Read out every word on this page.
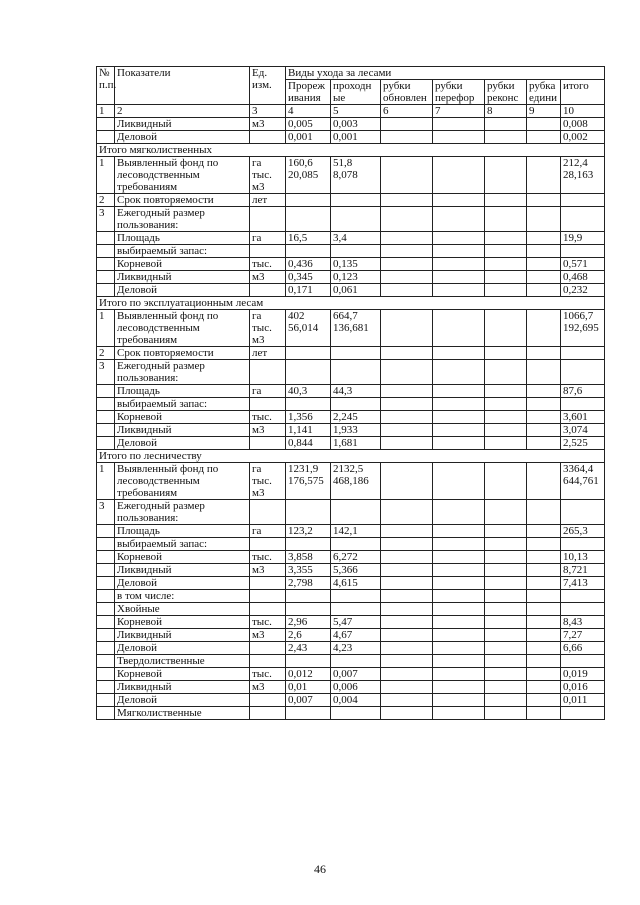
№ п.п.	Показатели	Ед. изм.	Виды ухода за лесами						
			Прореж ивания	проходн ые	рубки обновлен	рубки перефор	рубки реконс	рубка едини	итого
1	2	3	4	5	6	7	8	9	10
	Ликвидный	м3	0,005	0,003					0,008
	Деловой		0,001	0,001					0,002
Итого мягколиственных									
1	Выявленный фонд по лесоводственным требованиям	га тыс. м3	160,6 20,085	51,8 8,078					212,4 28,163
2	Срок повторяемости	лет							
3	Ежегодный размер пользования:								
	Площадь	га	16,5	3,4					19,9
	выбираемый запас:								
	Корневой	тыс.	0,436	0,135					0,571
	Ликвидный	м3	0,345	0,123					0,468
	Деловой		0,171	0,061					0,232
Итого по эксплуатационным лесам									
1	Выявленный фонд по лесоводственным требованиям	га тыс. м3	402 56,014	664,7 136,681					1066,7 192,695
2	Срок повторяемости	лет							
3	Ежегодный размер пользования:								
	Площадь	га	40,3	44,3					87,6
	выбираемый запас:								
	Корневой	тыс.	1,356	2,245					3,601
	Ликвидный	м3	1,141	1,933					3,074
	Деловой		0,844	1,681					2,525
Итого по лесничеству									
1	Выявленный фонд по лесоводственным требованиям	га тыс. м3	1231,9 176,575	2132,5 468,186					3364,4 644,761
3	Ежегодный размер пользования:								
	Площадь	га	123,2	142,1					265,3
	выбираемый запас:								
	Корневой	тыс.	3,858	6,272					10,13
	Ликвидный	м3	3,355	5,366					8,721
	Деловой		2,798	4,615					7,413
	в том числе:								
	Хвойные								
	Корневой	тыс.	2,96	5,47					8,43
	Ликвидный	м3	2,6	4,67					7,27
	Деловой		2,43	4,23					6,66
	Твердолиственные								
	Корневой	тыс.	0,012	0,007					0,019
	Ликвидный	м3	0,01	0,006					0,016
	Деловой		0,007	0,004					0,011
	Мягколиственные								
46
